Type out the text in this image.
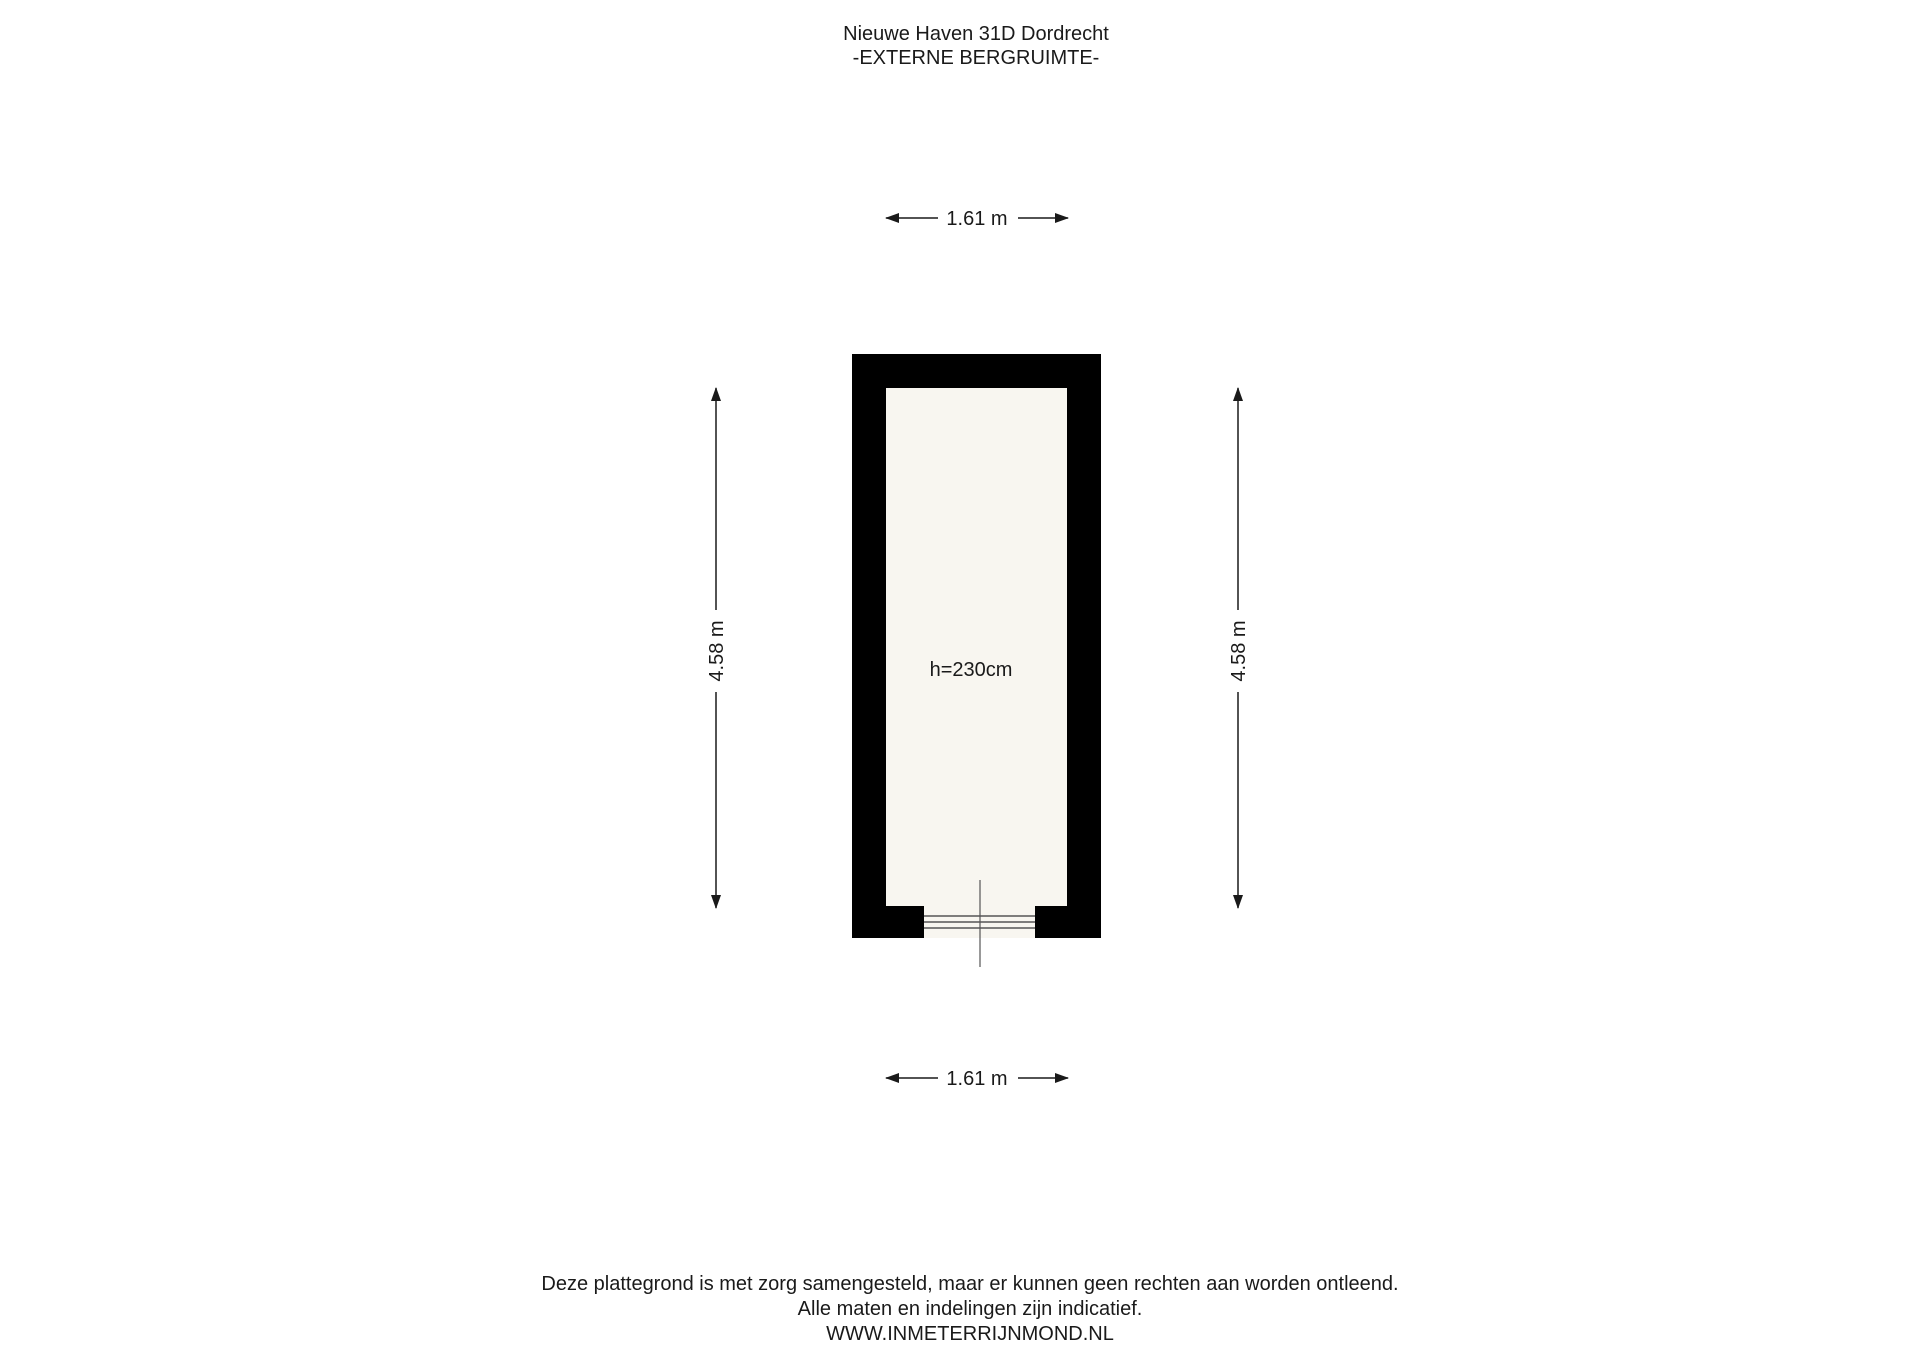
Nieuwe Haven 31D Dordrecht
-EXTERNE BERGRUIMTE-
h=230cm
1.61 m
1.61 m
4.58 m	4.58 m
Deze plattegrond is met zorg samengesteld, maar er kunnen geen rechten aan worden ontleend.
Alle maten en indelingen zijn indicatief.
WWW.INMETERRIJNMOND.NL
